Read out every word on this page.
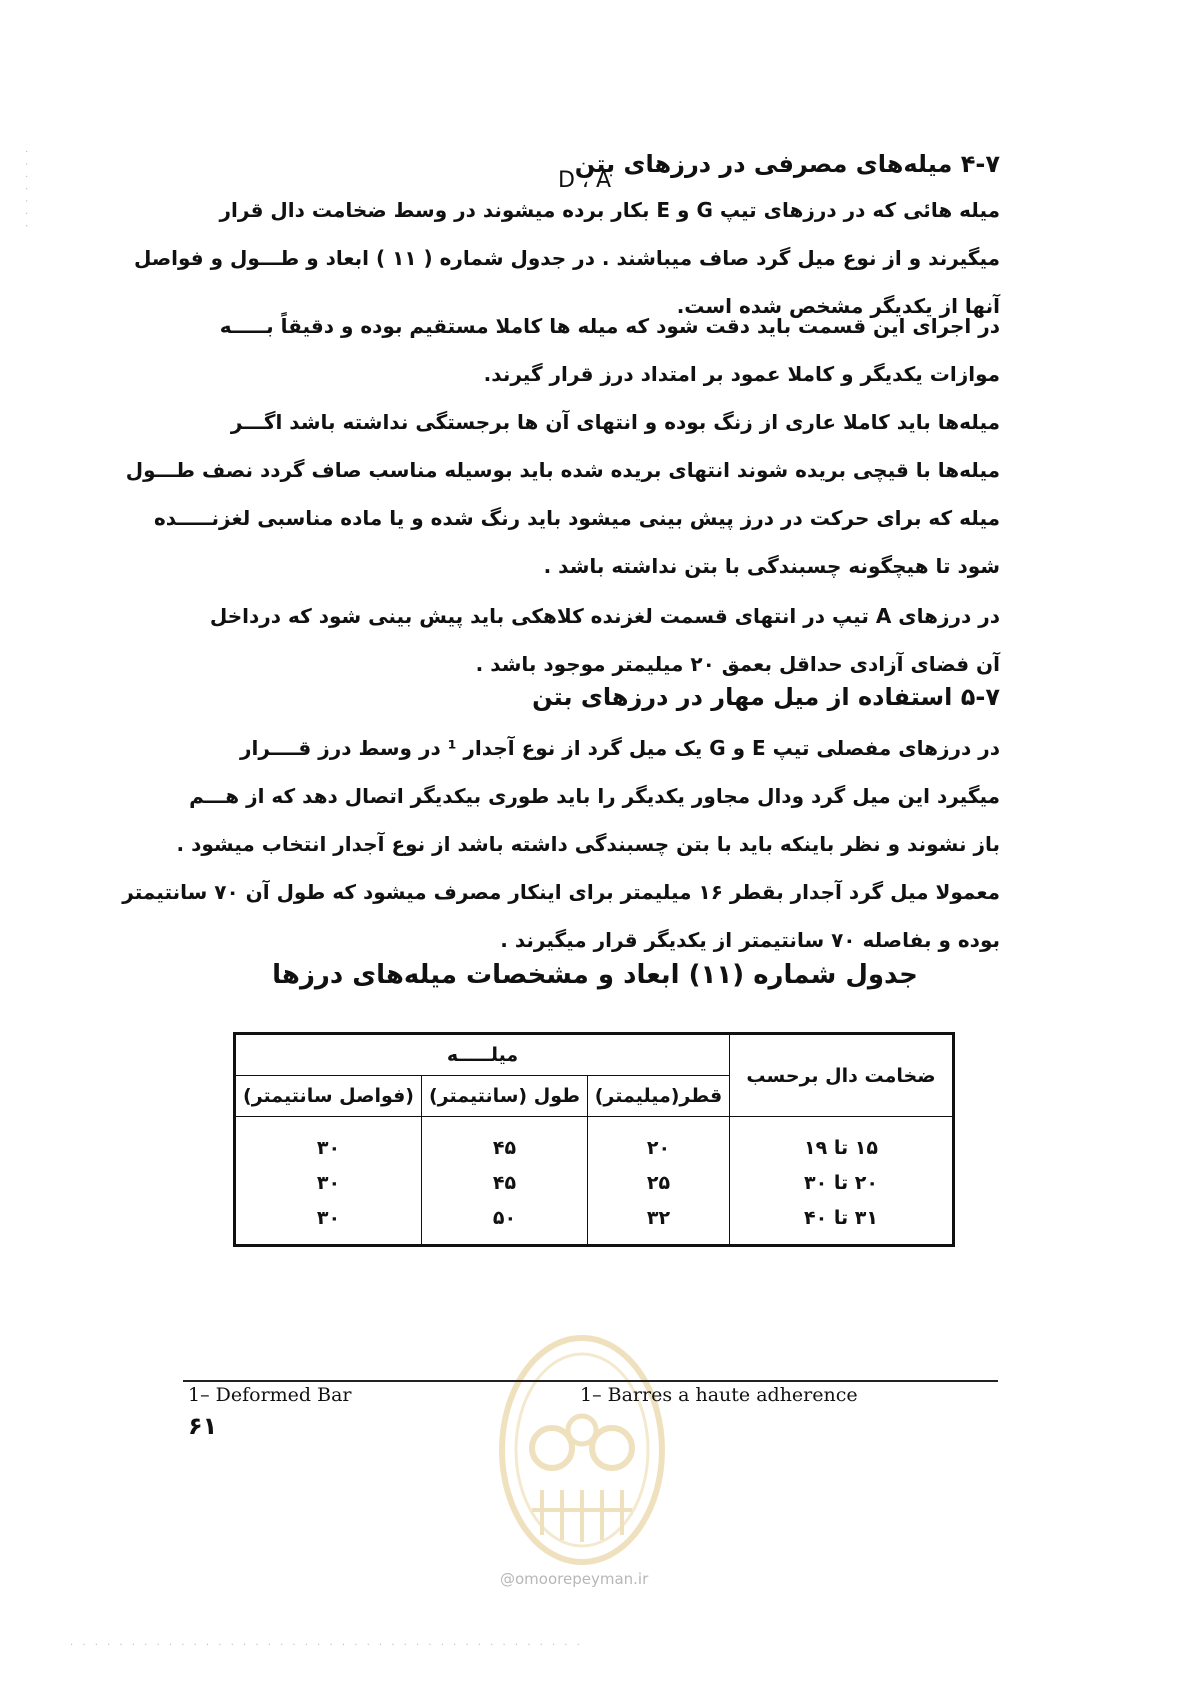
۴-۷ میله‌های مصرفی در درزهای بتن
D ، A
میله هائی که در درزهای تیپ G و E بکار برده میشوند در وسط ضخامت دال قرار
میگیرند و از نوع میل گرد صاف میباشند . در جدول شماره ( ۱۱ ) ابعاد و طـــول و فواصل
آنها از یکدیگر مشخص شده است.
در اجرای این قسمت باید دقت شود که میله ها کاملا مستقیم بوده و دقیقاً بـــــه
موازات یکدیگر و کاملا عمود بر امتداد درز قرار گیرند.
میله‌ها باید کاملا عاری از زنگ بوده و انتهای آن ها برجستگی نداشته باشد اگـــر
میله‌ها با قیچی بریده شوند انتهای بریده شده باید بوسیله مناسب صاف گردد نصف طـــول
میله که برای حرکت در درز پیش بینی میشود باید رنگ شده و یا ماده مناسبی لغزنـــــده
شود تا هیچگونه چسبندگی با بتن نداشته باشد .
در درزهای A تیپ در انتهای قسمت لغزنده کلاهکی باید پیش بینی شود که درداخل
آن فضای آزادی حداقل بعمق ۲۰ میلیمتر موجود باشد .
۵-۷ استفاده از میل مهار در درزهای بتن
در درزهای مفصلی تیپ E و G یک میل گرد از نوع آجدار ¹ در وسط درز قــــرار
میگیرد این میل گرد ودال مجاور یکدیگر را باید طوری بیکدیگر اتصال دهد که از هـــم
باز نشوند و نظر باینکه باید با بتن چسبندگی داشته باشد از نوع آجدار انتخاب میشود .
معمولا میل گرد آجدار بقطر ۱۶ میلیمتر برای اینکار مصرف میشود که طول آن ۷۰ سانتیمتر
بوده و بفاصله ۷۰ سانتیمتر از یکدیگر قرار میگیرند .
جدول شماره (۱۱) ابعاد و مشخصات میله‌های درزها
ضخامت دال برحسب	میلـــــه		
	قطر(میلیمتر)	طول (سانتیمتر)	(فواصل سانتیمتر)
۱۵ تا ۱۹	۲۰	۴۵	۳۰
۲۰ تا ۳۰	۲۵	۴۵	۳۰
۳۱ تا ۴۰	۳۲	۵۰	۳۰
@omoorepeyman.ir
1– Deformed Bar	1– Barres a haute adherence
۶۱
· · · · · · ·
· · · · · · · · · · · · · · · · · · · · · · · · · · · · · · · · · · · · · · · · · ·
